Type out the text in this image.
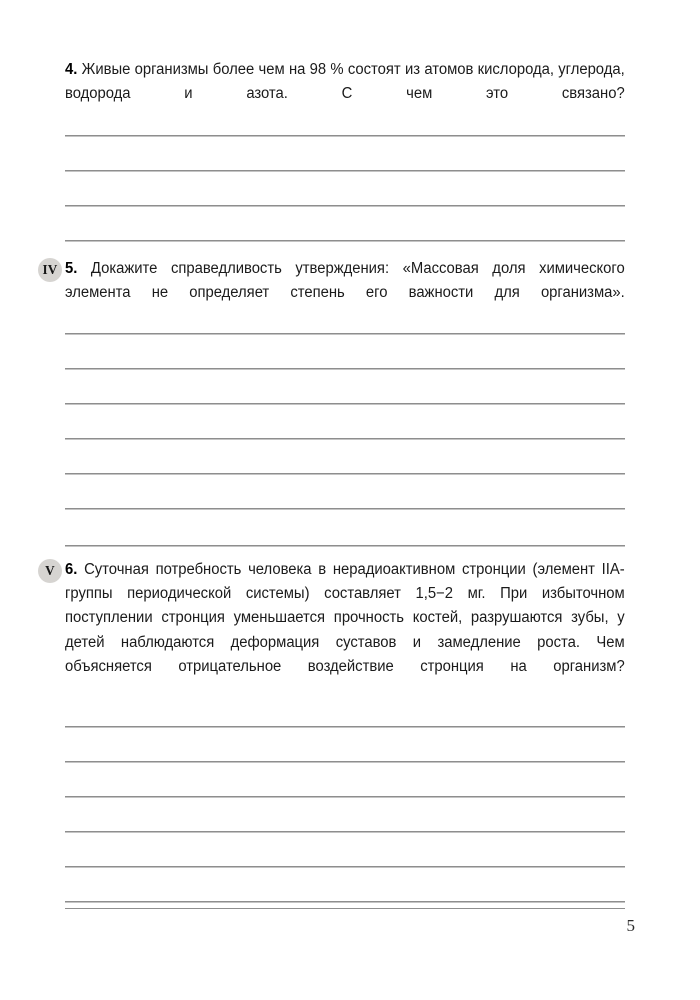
4. Живые организмы более чем на 98 % состоят из атомов кислорода, углерода, водорода и азота. С чем это связано?
IV 5. Докажите справедливость утверждения: «Массовая доля химического элемента не определяет степень его важности для организма».
V 6. Суточная потребность человека в нерадиоактивном стронции (элемент IIA-группы периодической системы) составляет 1,5−2 мг. При избыточном поступлении стронция уменьшается прочность костей, разрушаются зубы, у детей наблюдаются деформация суставов и замедление роста. Чем объясняется отрицательное воздействие стронция на организм?
5
